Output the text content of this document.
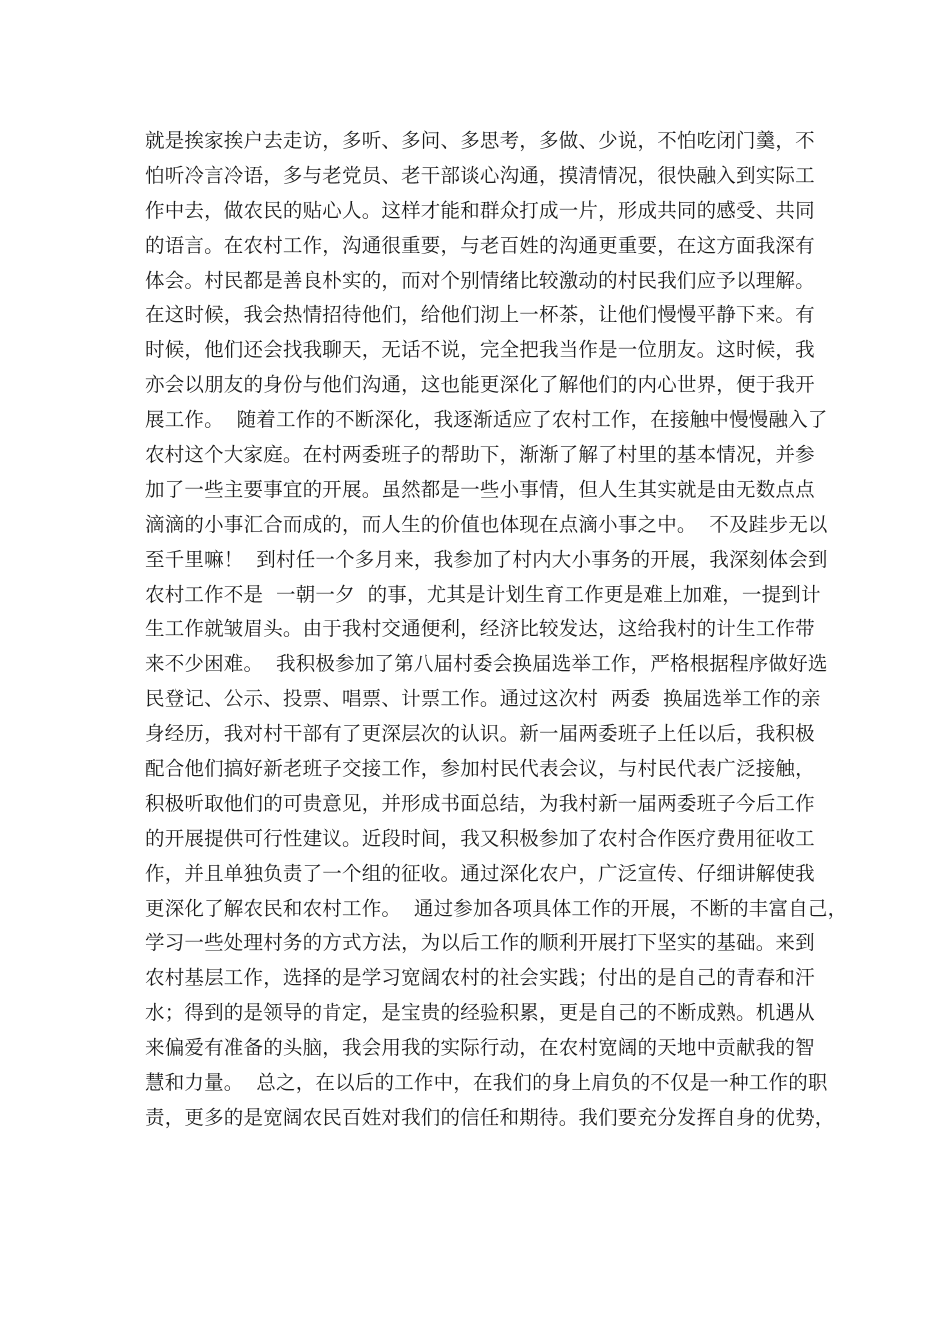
就是挨家挨户去走访，多听、多问、多思考，多做、少说，不怕吃闭门羹，不
怕听冷言冷语，多与老党员、老干部谈心沟通，摸清情况，很快融入到实际工
作中去，做农民的贴心人。这样才能和群众打成一片，形成共同的感受、共同
的语言。在农村工作，沟通很重要，与老百姓的沟通更重要，在这方面我深有
体会。村民都是善良朴实的，而对个别情绪比较激动的村民我们应予以理解。
在这时候，我会热情招待他们，给他们沏上一杯茶，让他们慢慢平静下来。有
时候，他们还会找我聊天，无话不说，完全把我当作是一位朋友。这时候，我
亦会以朋友的身份与他们沟通，这也能更深化了解他们的内心世界，便于我开
展工作。  随着工作的不断深化，我逐渐适应了农村工作，在接触中慢慢融入了
农村这个大家庭。在村两委班子的帮助下，渐渐了解了村里的基本情况，并参
加了一些主要事宜的开展。虽然都是一些小事情，但人生其实就是由无数点点
滴滴的小事汇合而成的，而人生的价值也体现在点滴小事之中。  不及跬步无以
至千里嘛！  到村任一个多月来，我参加了村内大小事务的开展，我深刻体会到
农村工作不是  一朝一夕  的事，尤其是计划生育工作更是难上加难，一提到计
生工作就皱眉头。由于我村交通便利，经济比较发达，这给我村的计生工作带
来不少困难。  我积极参加了第八届村委会换届选举工作，严格根据程序做好选
民登记、公示、投票、唱票、计票工作。通过这次村  两委  换届选举工作的亲
身经历，我对村干部有了更深层次的认识。新一届两委班子上任以后，我积极
配合他们搞好新老班子交接工作，参加村民代表会议，与村民代表广泛接触，
积极听取他们的可贵意见，并形成书面总结，为我村新一届两委班子今后工作
的开展提供可行性建议。近段时间，我又积极参加了农村合作医疗费用征收工
作，并且单独负责了一个组的征收。通过深化农户，广泛宣传、仔细讲解使我
更深化了解农民和农村工作。  通过参加各项具体工作的开展，不断的丰富自己，
学习一些处理村务的方式方法，为以后工作的顺利开展打下坚实的基础。来到
农村基层工作，选择的是学习宽阔农村的社会实践；付出的是自己的青春和汗
水；得到的是领导的肯定，是宝贵的经验积累，更是自己的不断成熟。机遇从
来偏爱有准备的头脑，我会用我的实际行动，在农村宽阔的天地中贡献我的智
慧和力量。  总之，在以后的工作中，在我们的身上肩负的不仅是一种工作的职
责，更多的是宽阔农民百姓对我们的信任和期待。我们要充分发挥自身的优势，
